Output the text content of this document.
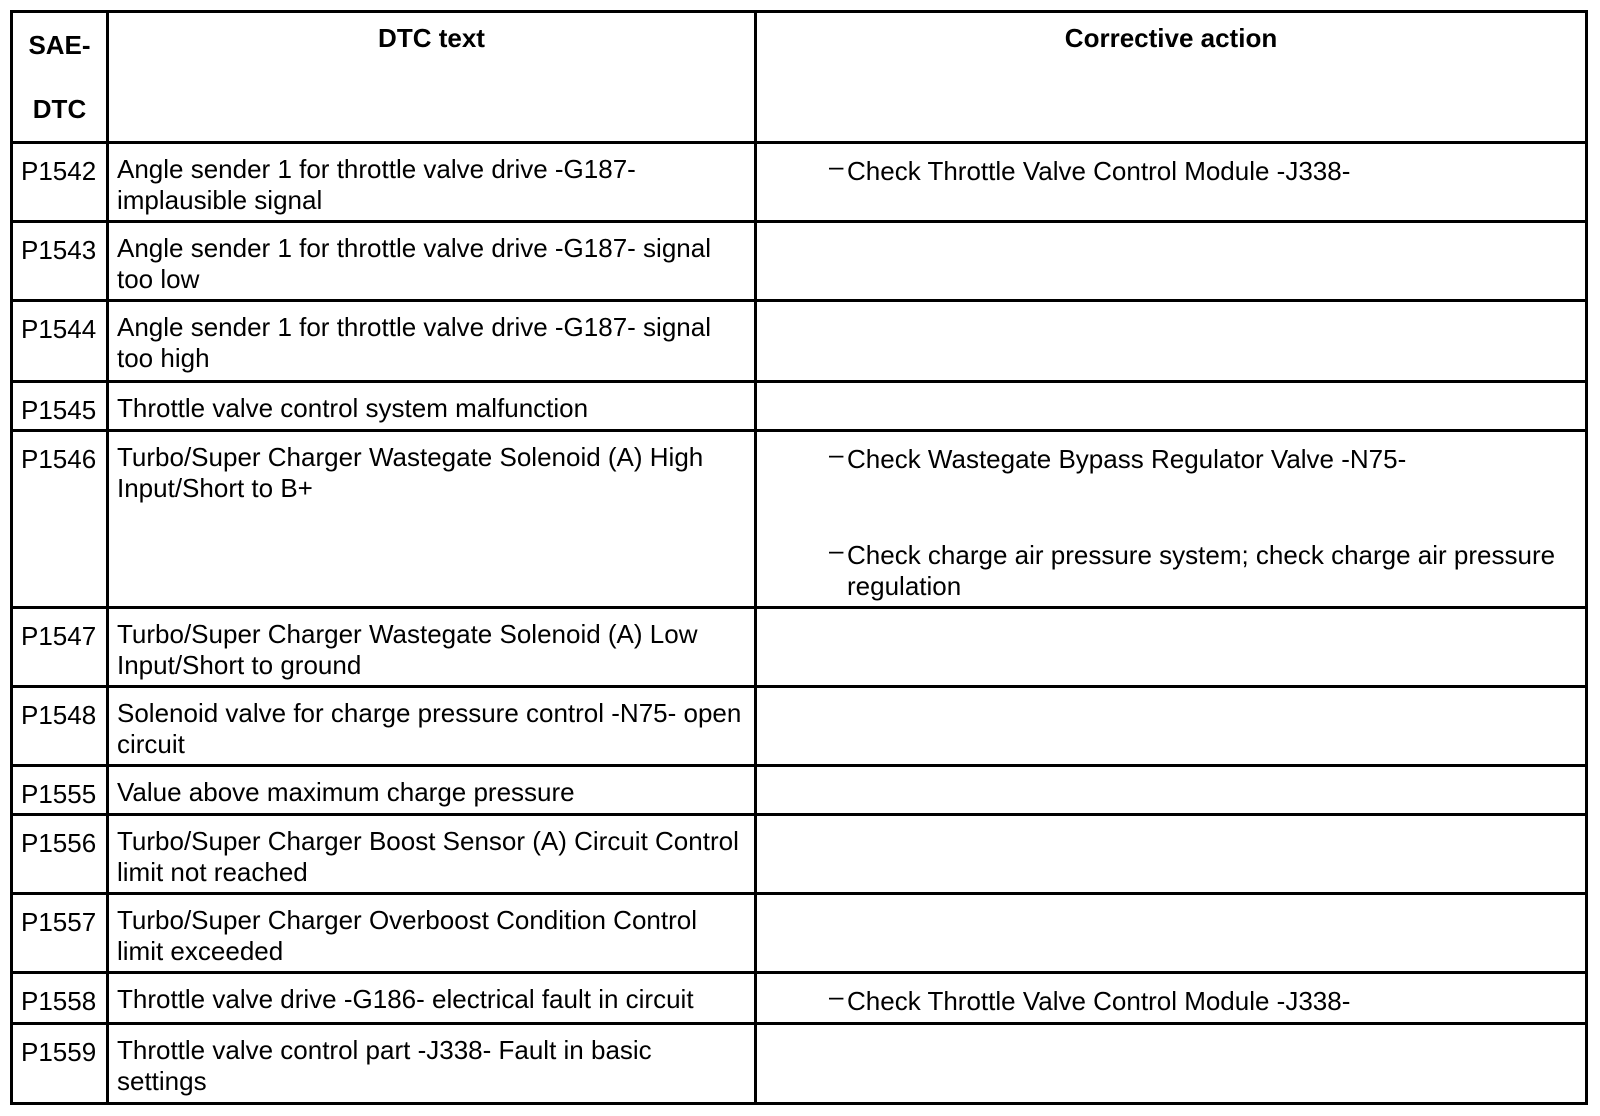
SAE-
DTC	DTC text	Corrective action
P1542	Angle sender 1 for throttle valve drive -G187- implausible signal	– Check Throttle Valve Control Module -J338-

P1543	Angle sender 1 for throttle valve drive -G187- signal too low	
P1544	Angle sender 1 for throttle valve drive -G187- signal too high	
P1545	Throttle valve control system malfunction	
P1546	Turbo/Super Charger Wastegate Solenoid (A) High Input/Short to B+	– Check Wastegate Bypass Regulator Valve -N75-
– Check charge air pressure system; check charge air pressure regulation

P1547	Turbo/Super Charger Wastegate Solenoid (A) Low Input/Short to ground	
P1548	Solenoid valve for charge pressure control -N75- open circuit	
P1555	Value above maximum charge pressure	
P1556	Turbo/Super Charger Boost Sensor (A) Circuit Control limit not reached	
P1557	Turbo/Super Charger Overboost Condition Control limit exceeded	
P1558	Throttle valve drive -G186- electrical fault in circuit	– Check Throttle Valve Control Module -J338-

P1559	Throttle valve control part -J338- Fault in basic settings	
